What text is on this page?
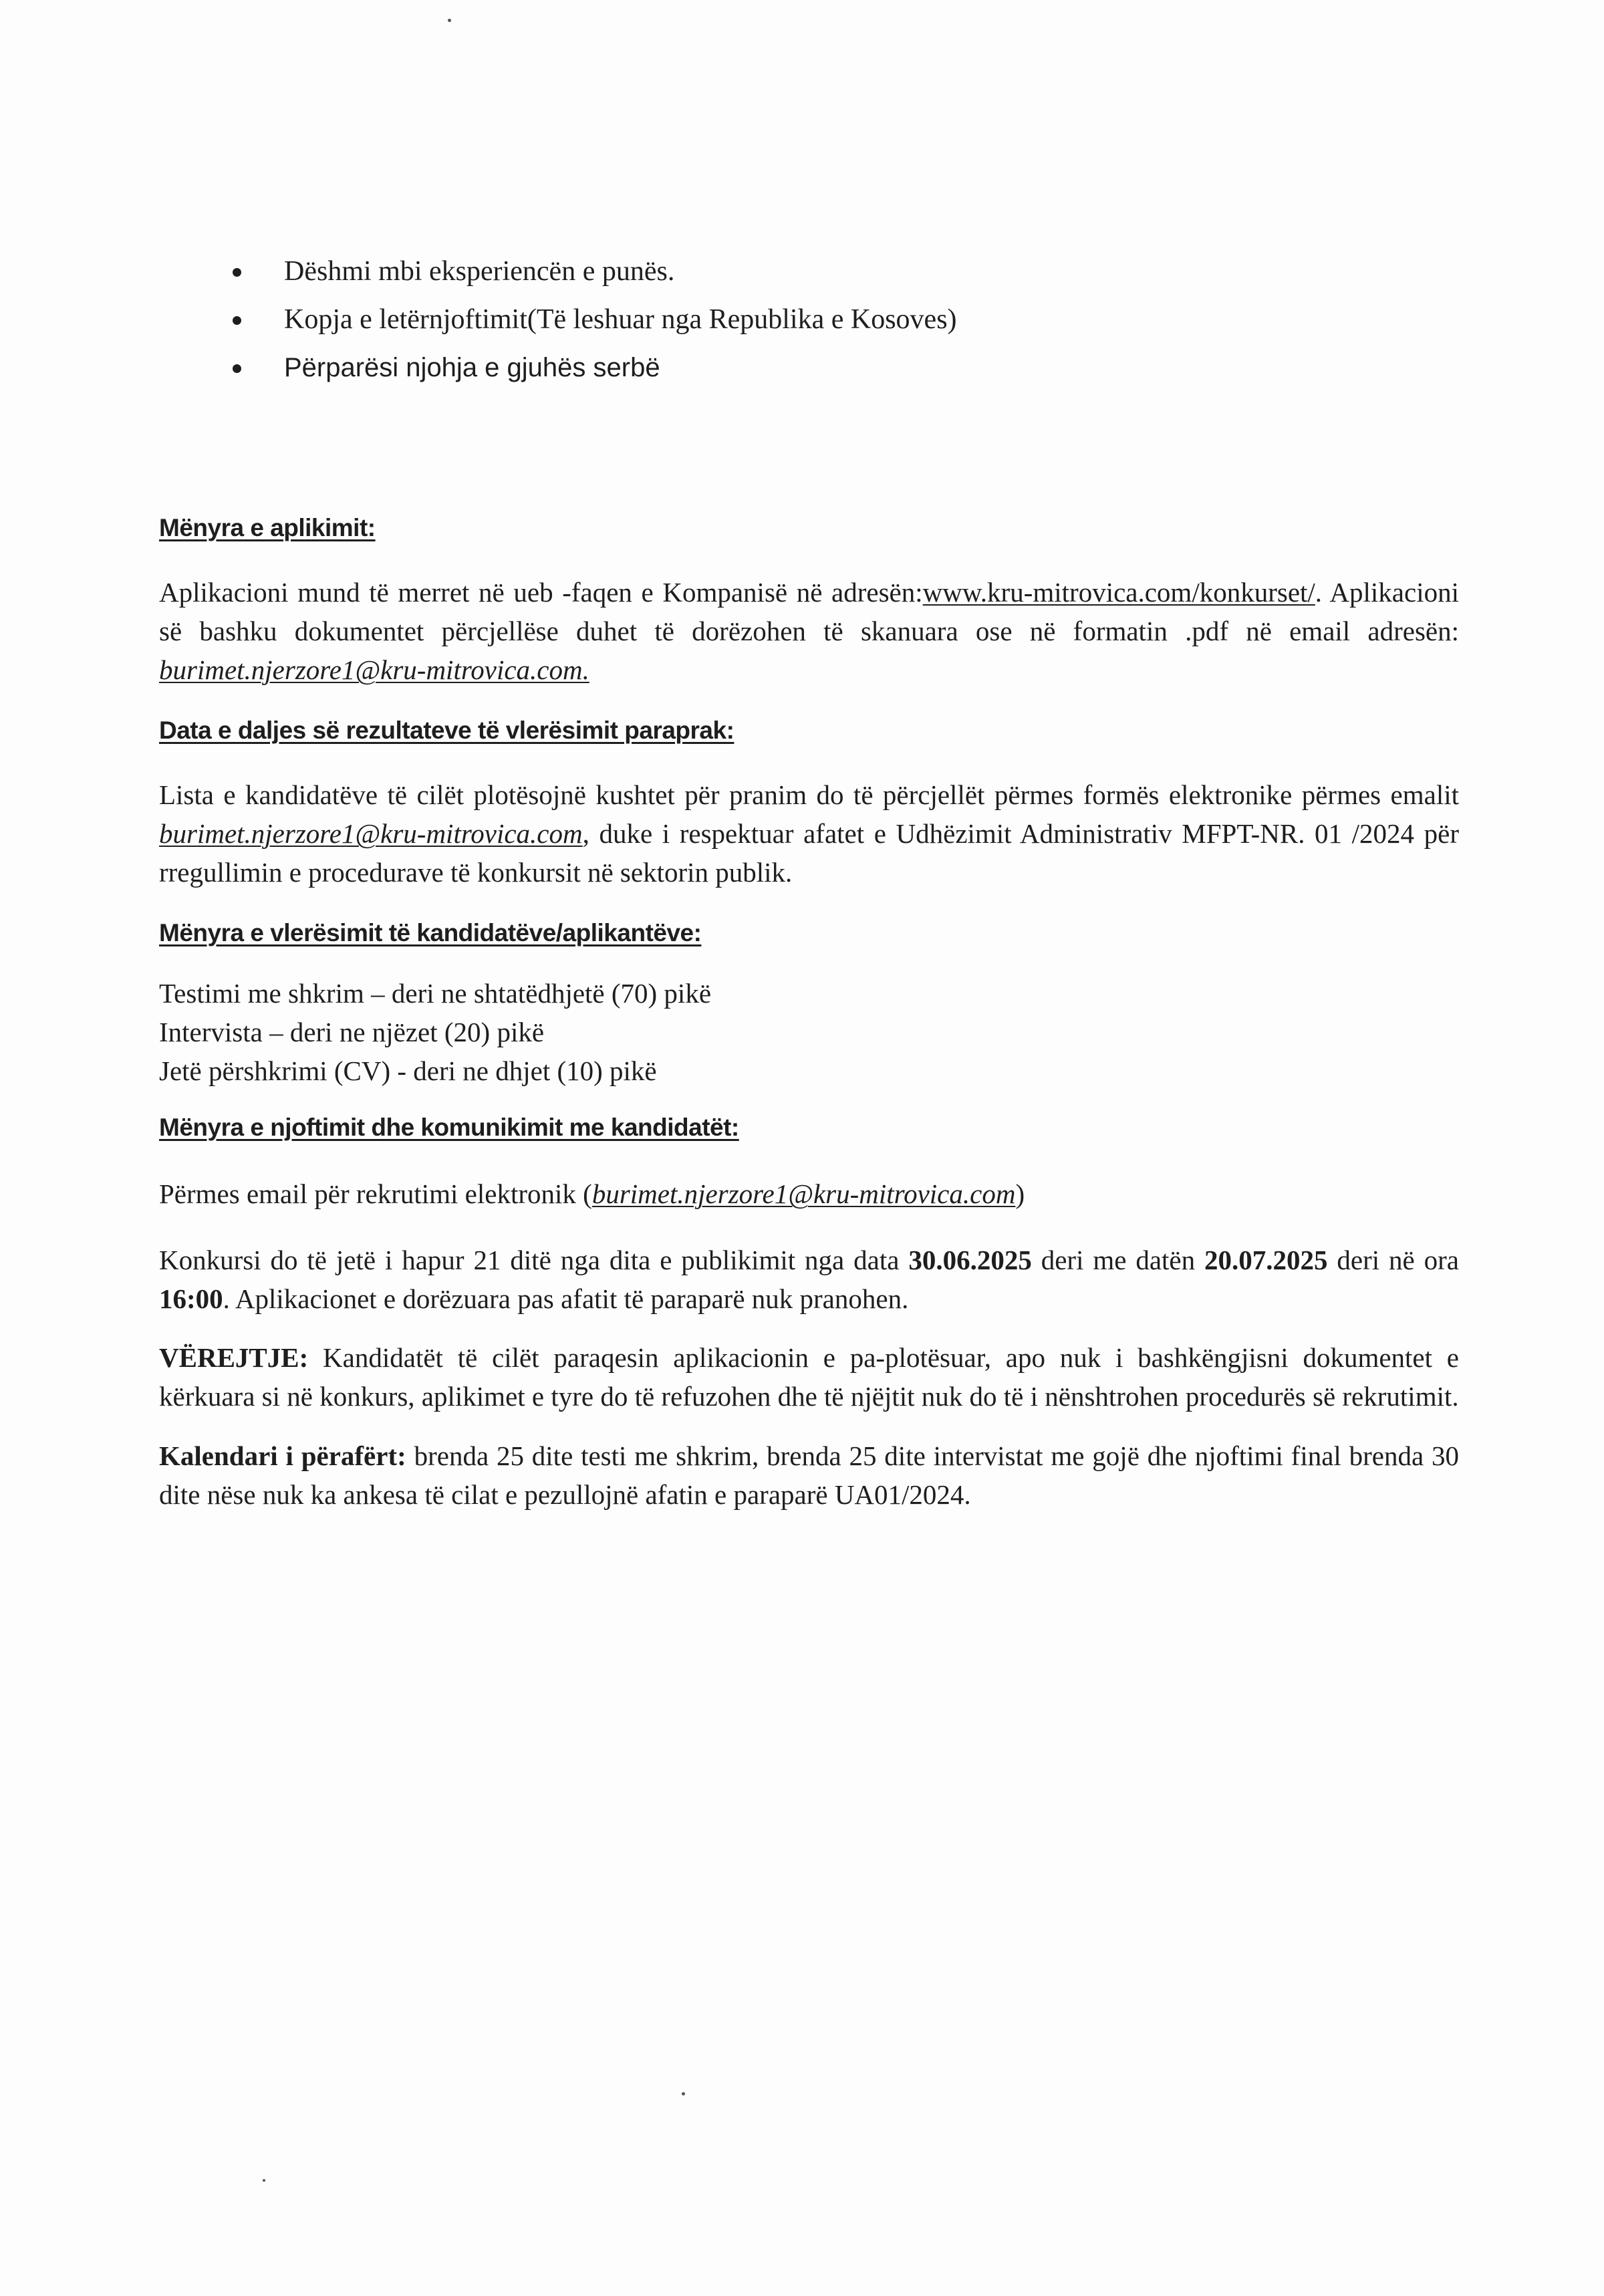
Dëshmi mbi eksperiencën e punës.
Kopja e letërnjoftimit(Të leshuar nga Republika e Kosoves)
Përparësi njohja e gjuhës serbë
Mënyra e aplikimit:

Aplikacioni mund të merret në ueb -faqen e Kompanisë në adresën:www.kru-mitrovica.com/konkurset/. Aplikacioni së bashku dokumentet përcjellëse duhet të dorëzohen të skanuara ose në formatin .pdf në email adresën: burimet.njerzore1@kru-mitrovica.com.

Data e daljes së rezultateve të vlerësimit paraprak:

Lista e kandidatëve të cilët plotësojnë kushtet për pranim do të përcjellët përmes formës elektronike përmes emalit burimet.njerzore1@kru-mitrovica.com, duke i respektuar afatet e Udhëzimit Administrativ MFPT-NR. 01 /2024 për rregullimin e procedurave të konkursit në sektorin publik.

Mënyra e vlerësimit të kandidatëve/aplikantëve:
Testimi me shkrim – deri ne shtatëdhjetë (70) pikë
Intervista – deri ne njëzet (20) pikë
Jetë përshkrimi (CV) - deri ne dhjet (10) pikë
Mënyra e njoftimit dhe komunikimit me kandidatët:

Përmes email për rekrutimi elektronik (burimet.njerzore1@kru-mitrovica.com)

Konkursi do të jetë i hapur 21 ditë nga dita e publikimit nga data 30.06.2025 deri me datën 20.07.2025 deri në ora 16:00. Aplikacionet e dorëzuara pas afatit të paraparë nuk pranohen.

VËREJTJE: Kandidatët të cilët paraqesin aplikacionin e pa-plotësuar, apo nuk i bashkëngjisni dokumentet e kërkuara si në konkurs, aplikimet e tyre do të refuzohen dhe të njëjtit nuk do të i nënshtrohen procedurës së rekrutimit.

Kalendari i përafërt: brenda 25 dite testi me shkrim, brenda 25 dite intervistat me gojë dhe njoftimi final brenda 30 dite nëse nuk ka ankesa të cilat e pezullojnë afatin e paraparë UA01/2024.
